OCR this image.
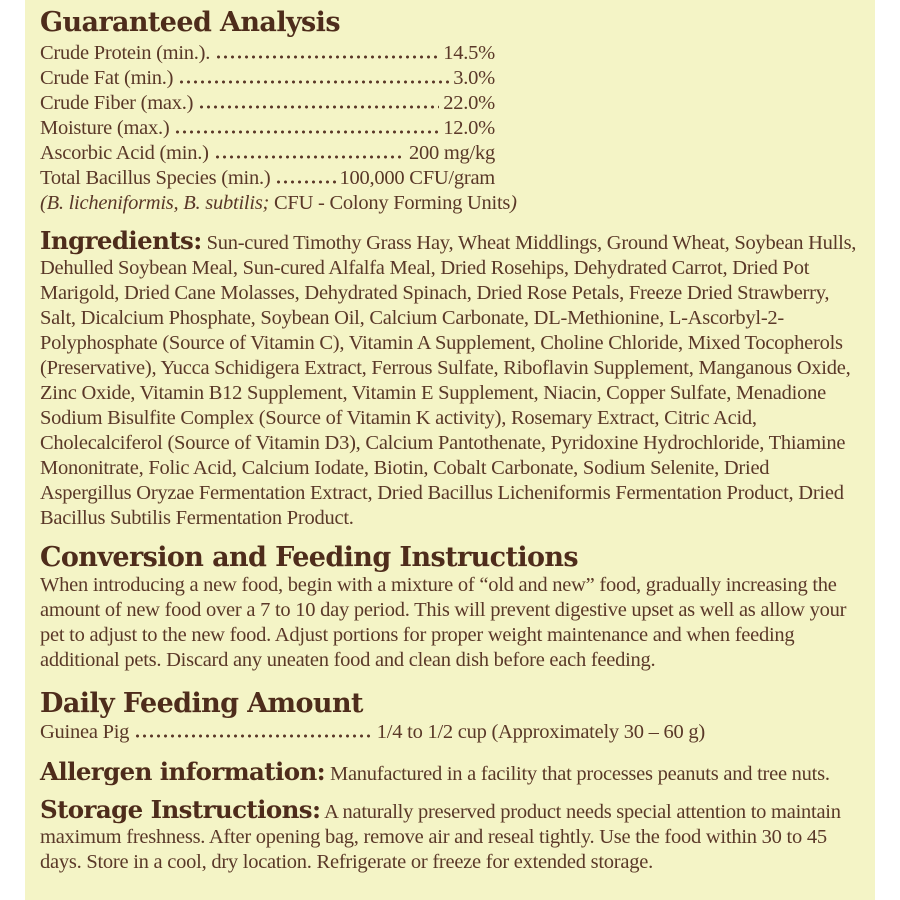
Guaranteed Analysis
Crude Protein (min.).	14.5%
Crude Fat (min.)	3.0%
Crude Fiber (max.)	22.0%
Moisture (max.)	12.0%
Ascorbic Acid (min.)	200 mg/kg
Total Bacillus Species (min.)	100,000 CFU/gram

(B. licheniformis, B. subtilis; CFU - Colony Forming Units)

Ingredients: Sun-cured Timothy Grass Hay, Wheat Middlings, Ground Wheat, Soybean Hulls, Dehulled Soybean Meal, Sun-cured Alfalfa Meal, Dried Rosehips, Dehydrated Carrot, Dried Pot Marigold, Dried Cane Molasses, Dehydrated Spinach, Dried Rose Petals, Freeze Dried Strawberry, Salt, Dicalcium Phosphate, Soybean Oil, Calcium Carbonate, DL-Methionine, L-Ascorbyl-2-Polyphosphate (Source of Vitamin C), Vitamin A Supplement, Choline Chloride, Mixed Tocopherols (Preservative), Yucca Schidigera Extract, Ferrous Sulfate, Riboflavin Supplement, Manganous Oxide, Zinc Oxide, Vitamin B12 Supplement, Vitamin E Supplement, Niacin, Copper Sulfate, Menadione Sodium Bisulfite Complex (Source of Vitamin K activity), Rosemary Extract, Citric Acid, Cholecalciferol (Source of Vitamin D3), Calcium Pantothenate, Pyridoxine Hydrochloride, Thiamine Mononitrate, Folic Acid, Calcium Iodate, Biotin, Cobalt Carbonate, Sodium Selenite, Dried Aspergillus Oryzae Fermentation Extract, Dried Bacillus Licheniformis Fermentation Product, Dried Bacillus Subtilis Fermentation Product.

Conversion and Feeding Instructions

When introducing a new food, begin with a mixture of “old and new” food, gradually increasing the amount of new food over a 7 to 10 day period. This will prevent digestive upset as well as allow your pet to adjust to the new food. Adjust portions for proper weight maintenance and when feeding additional pets. Discard any uneaten food and clean dish before each feeding.

Daily Feeding Amount
Guinea Pig	1/4 to 1/2 cup (Approximately 30 – 60 g)

Allergen information: Manufactured in a facility that processes peanuts and tree nuts.

Storage Instructions: A naturally preserved product needs special attention to maintain maximum freshness. After opening bag, remove air and reseal tightly. Use the food within 30 to 45 days. Store in a cool, dry location. Refrigerate or freeze for extended storage.
